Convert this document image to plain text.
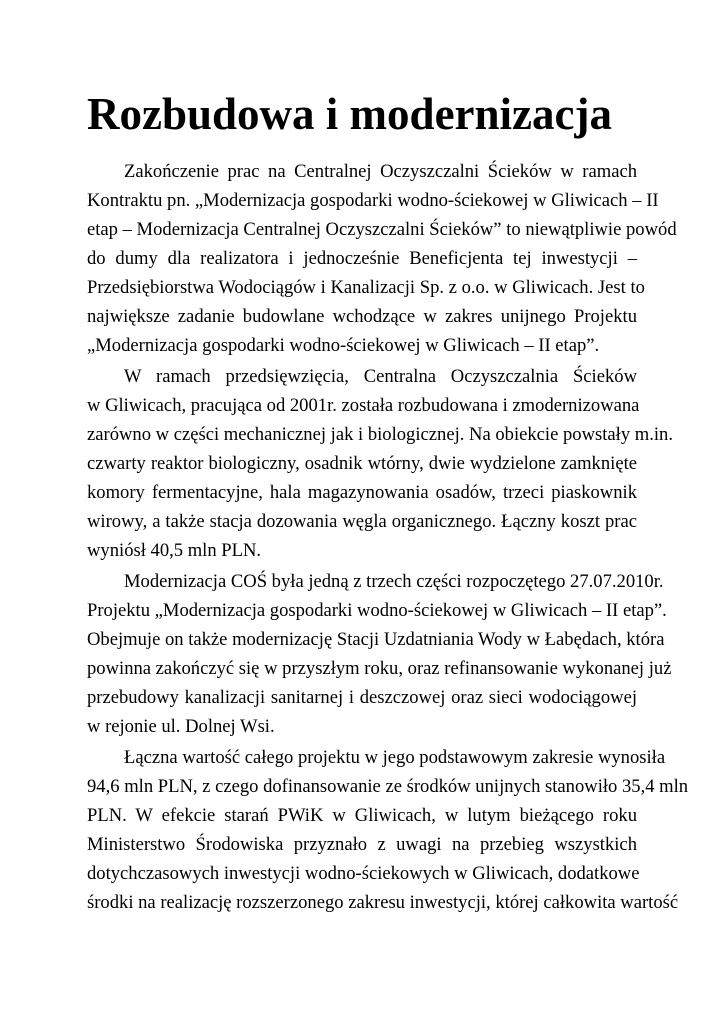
Rozbudowa i modernizacja
Zakończenie prac na Centralnej Oczyszczalni Ścieków w ramach
Kontraktu pn. „Modernizacja gospodarki wodno-ściekowej w Gliwicach – II
etap – Modernizacja Centralnej Oczyszczalni Ścieków” to niewątpliwie powód
do dumy dla realizatora i jednocześnie Beneficjenta tej inwestycji –
Przedsiębiorstwa Wodociągów i Kanalizacji Sp. z o.o. w Gliwicach. Jest to
największe zadanie budowlane wchodzące w zakres unijnego Projektu
„Modernizacja gospodarki wodno-ściekowej w Gliwicach – II etap”.
W ramach przedsięwzięcia, Centralna Oczyszczalnia Ścieków
w Gliwicach, pracująca od 2001r. została rozbudowana i zmodernizowana
zarówno w części mechanicznej jak i biologicznej. Na obiekcie powstały m.in.
czwarty reaktor biologiczny, osadnik wtórny, dwie wydzielone zamknięte
komory fermentacyjne, hala magazynowania osadów, trzeci piaskownik
wirowy, a także stacja dozowania węgla organicznego. Łączny koszt prac
wyniósł 40,5 mln PLN.
Modernizacja COŚ była jedną z trzech części rozpoczętego 27.07.2010r.
Projektu „Modernizacja gospodarki wodno-ściekowej w Gliwicach – II etap”.
Obejmuje on także modernizację Stacji Uzdatniania Wody w Łabędach, która
powinna zakończyć się w przyszłym roku, oraz refinansowanie wykonanej już
przebudowy kanalizacji sanitarnej i deszczowej oraz sieci wodociągowej
w rejonie ul. Dolnej Wsi.
Łączna wartość całego projektu w jego podstawowym zakresie wynosiła
94,6 mln PLN, z czego dofinansowanie ze środków unijnych stanowiło 35,4 mln
PLN. W efekcie starań PWiK w Gliwicach, w lutym bieżącego roku
Ministerstwo Środowiska przyznało z uwagi na przebieg wszystkich
dotychczasowych inwestycji wodno-ściekowych w Gliwicach, dodatkowe
środki na realizację rozszerzonego zakresu inwestycji, której całkowita wartość
